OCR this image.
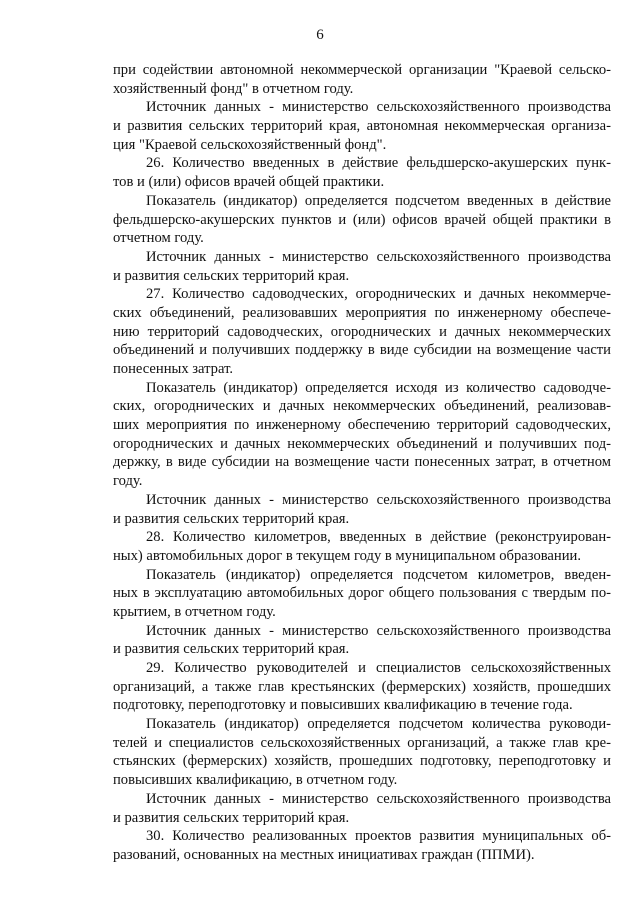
6
при содействии автономной некоммерческой организации "Краевой сельско-
хозяйственный фонд" в отчетном году.
Источник данных - министерство сельскохозяйственного производства
и развития сельских территорий края, автономная некоммерческая организа-
ция "Краевой сельскохозяйственный фонд".
26. Количество введенных в действие фельдшерско-акушерских пунк-
тов и (или) офисов врачей общей практики.
Показатель (индикатор) определяется подсчетом введенных в действие
фельдшерско-акушерских пунктов и (или) офисов врачей общей практики в
отчетном году.
Источник данных - министерство сельскохозяйственного производства
и развития сельских территорий края.
27. Количество садоводческих, огороднических и дачных некоммерче-
ских объединений, реализовавших мероприятия по инженерному обеспече-
нию территорий садоводческих, огороднических и дачных некоммерческих
объединений и получивших поддержку в виде субсидии на возмещение части
понесенных затрат.
Показатель (индикатор) определяется исходя из количество садоводче-
ских, огороднических и дачных некоммерческих объединений, реализовав-
ших мероприятия по инженерному обеспечению территорий садоводческих,
огороднических и дачных некоммерческих объединений и получивших под-
держку, в виде субсидии на возмещение части понесенных затрат, в отчетном
году.
Источник данных - министерство сельскохозяйственного производства
и развития сельских территорий края.
28. Количество километров, введенных в действие (реконструирован-
ных) автомобильных дорог в текущем году в муниципальном образовании.
Показатель (индикатор) определяется подсчетом километров, введен-
ных в эксплуатацию автомобильных дорог общего пользования с твердым по-
крытием, в отчетном году.
Источник данных - министерство сельскохозяйственного производства
и развития сельских территорий края.
29. Количество руководителей и специалистов сельскохозяйственных
организаций, а также глав крестьянских (фермерских) хозяйств, прошедших
подготовку, переподготовку и повысивших квалификацию в течение года.
Показатель (индикатор) определяется подсчетом количества руководи-
телей и специалистов сельскохозяйственных организаций, а также глав кре-
стьянских (фермерских) хозяйств, прошедших подготовку, переподготовку и
повысивших квалификацию, в отчетном году.
Источник данных - министерство сельскохозяйственного производства
и развития сельских территорий края.
30. Количество реализованных проектов развития муниципальных об-
разований, основанных на местных инициативах граждан (ППМИ).
